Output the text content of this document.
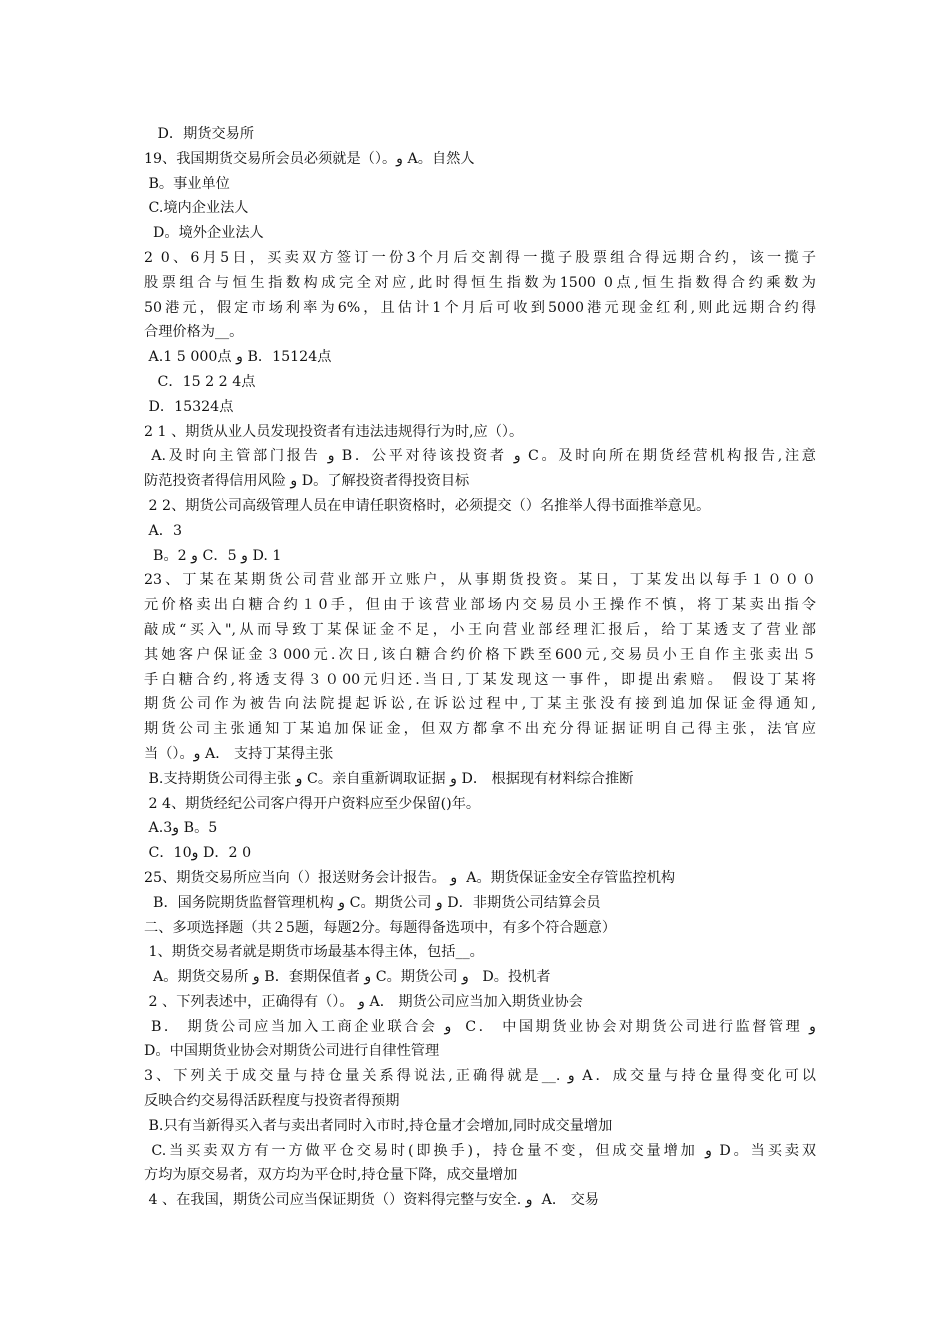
D．期货交易所
19、我国期货交易所会员必须就是（）。و A。自然人
B。事业单位
C.境内企业法人
D。境外企业法人
2 0、6月5日，买卖双方签订一份3个月后交割得一揽子股票组合得远期合约，该一揽子
股票组合与恒生指数构成完全对应,此时得恒生指数为1500 0点,恒生指数得合约乘数为
50港元，假定市场利率为6%，且估计1个月后可收到5000港元现金红利,则此远期合约得
合理价格为__。
A.1 5 000点 و B．15124点
C．15 2 2 4点
D．15324点
2 1 、期货从业人员发现投资者有违法违规得行为时,应（）。
A.及时向主管部门报告 و B．公平对待该投资者 و C。及时向所在期货经营机构报告,注意
防范投资者得信用风险 و D。了解投资者得投资目标
2 2、期货公司高级管理人员在申请任职资格时，必须提交（）名推举人得书面推举意见。
A．3
B。2 و C．5 و D. 1
23、丁某在某期货公司营业部开立账户，从事期货投资。某日，丁某发出以每手１０００
元价格卖出白糖合约１0手，但由于该营业部场内交易员小王操作不慎，将丁某卖出指令
敲成“买入",从而导致丁某保证金不足，小王向营业部经理汇报后，给丁某透支了营业部
其她客户保证金３000元.次日,该白糖合约价格下跌至600元,交易员小王自作主张卖出５
手白糖合约,将透支得３０00元归还.当日,丁某发现这一事件，即提出索赔。 假设丁某将
期货公司作为被告向法院提起诉讼,在诉讼过程中,丁某主张没有接到追加保证金得通知,
期货公司主张通知丁某追加保证金，但双方都拿不出充分得证据证明自己得主张，法官应
当（）。و A． 支持丁某得主张
B.支持期货公司得主张 و C。亲自重新调取证据 و D． 根据现有材料综合推断
2 4、期货经纪公司客户得开户资料应至少保留()年。
A.3و B。5
C．10و D．2 0
25、期货交易所应当向（）报送财务会计报告。 و  A。期货保证金安全存管监控机构
B．国务院期货监督管理机构 و C。期货公司 و D．非期货公司结算会员
二、多项选择题（共２5题，每题2分。每题得备选项中，有多个符合题意）
1、期货交易者就是期货市场最基本得主体，包括__。
A。期货交易所 و B．套期保值者 و C。期货公司 و   D。投机者
2 、下列表述中，正确得有（）。 و A． 期货公司应当加入期货业协会
B． 期货公司应当加入工商企业联合会 و  C． 中国期货业协会对期货公司进行监督管理 و
D。中国期货业协会对期货公司进行自律性管理
3、下列关于成交量与持仓量关系得说法,正确得就是__. و A．成交量与持仓量得变化可以
反映合约交易得活跃程度与投资者得预期
B.只有当新得买入者与卖出者同时入市时,持仓量才会增加,同时成交量增加
C.当买卖双方有一方做平仓交易时(即换手)，持仓量不变，但成交量增加 و D。当买卖双
方均为原交易者，双方均为平仓时,持仓量下降，成交量增加
4 、在我国，期货公司应当保证期货（）资料得完整与安全. و  A． 交易
